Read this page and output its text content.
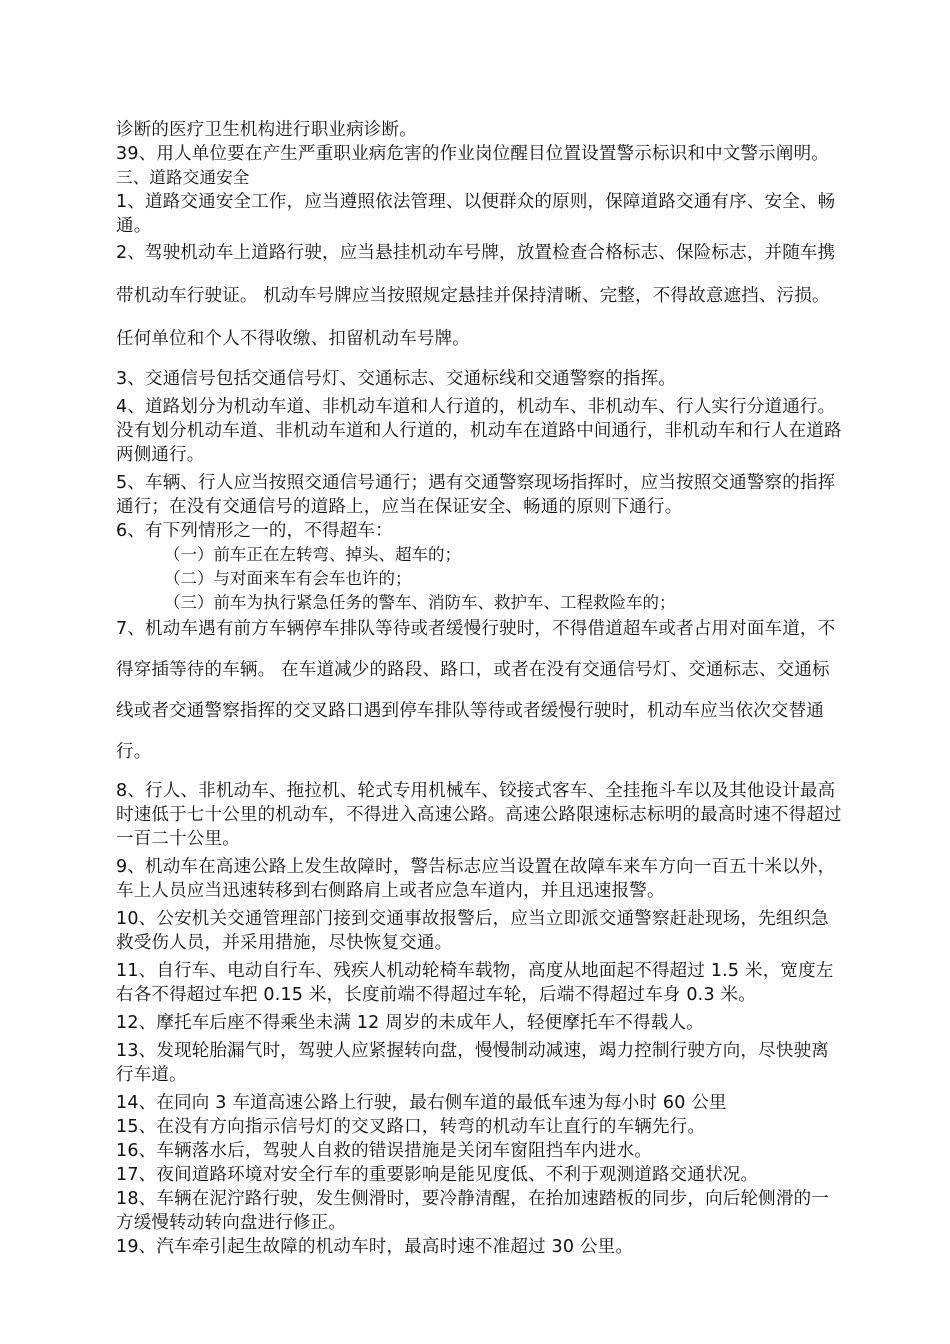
诊断的医疗卫生机构进行职业病诊断。

39、用人单位要在产生严重职业病危害的作业岗位醒目位置设置警示标识和中文警示阐明。

三、道路交通安全

1、道路交通安全工作，应当遵照依法管理、以便群众的原则，保障道路交通有序、安全、畅通。

2、驾驶机动车上道路行驶，应当悬挂机动车号牌，放置检查合格标志、保险标志，并随车携带机动车行驶证。 机动车号牌应当按照规定悬挂并保持清晰、完整，不得故意遮挡、污损。 任何单位和个人不得收缴、扣留机动车号牌。

3、交通信号包括交通信号灯、交通标志、交通标线和交通警察的指挥。

4、道路划分为机动车道、非机动车道和人行道的，机动车、非机动车、行人实行分道通行。没有划分机动车道、非机动车道和人行道的，机动车在道路中间通行，非机动车和行人在道路两侧通行。

5、车辆、行人应当按照交通信号通行；遇有交通警察现场指挥时，应当按照交通警察的指挥通行；在没有交通信号的道路上，应当在保证安全、畅通的原则下通行。

6、有下列情形之一的，不得超车：

（一）前车正在左转弯、掉头、超车的；

（二）与对面来车有会车也许的；

（三）前车为执行紧急任务的警车、消防车、救护车、工程救险车的；

7、机动车遇有前方车辆停车排队等待或者缓慢行驶时，不得借道超车或者占用对面车道，不得穿插等待的车辆。 在车道减少的路段、路口，或者在没有交通信号灯、交通标志、交通标线或者交通警察指挥的交叉路口遇到停车排队等待或者缓慢行驶时，机动车应当依次交替通行。

8、行人、非机动车、拖拉机、轮式专用机械车、铰接式客车、全挂拖斗车以及其他设计最高时速低于七十公里的机动车，不得进入高速公路。高速公路限速标志标明的最高时速不得超过一百二十公里。

9、机动车在高速公路上发生故障时，警告标志应当设置在故障车来车方向一百五十米以外，车上人员应当迅速转移到右侧路肩上或者应急车道内，并且迅速报警。

10、公安机关交通管理部门接到交通事故报警后，应当立即派交通警察赶赴现场，先组织急救受伤人员，并采用措施，尽快恢复交通。

11、自行车、电动自行车、残疾人机动轮椅车载物，高度从地面起不得超过 1.5 米，宽度左右各不得超过车把 0.15 米，长度前端不得超过车轮，后端不得超过车身 0.3 米。

12、摩托车后座不得乘坐未满 12 周岁的未成年人，轻便摩托车不得载人。

13、发现轮胎漏气时，驾驶人应紧握转向盘，慢慢制动减速，竭力控制行驶方向，尽快驶离行车道。

14、在同向 3 车道高速公路上行驶，最右侧车道的最低车速为每小时 60 公里

15、在没有方向指示信号灯的交叉路口，转弯的机动车让直行的车辆先行。

16、车辆落水后，驾驶人自救的错误措施是关闭车窗阻挡车内进水。

17、夜间道路环境对安全行车的重要影响是能见度低、不利于观测道路交通状况。

18、车辆在泥泞路行驶，发生侧滑时，要冷静清醒，在抬加速踏板的同步，向后轮侧滑的一方缓慢转动转向盘进行修正。

19、汽车牵引起生故障的机动车时，最高时速不准超过 30 公里。
